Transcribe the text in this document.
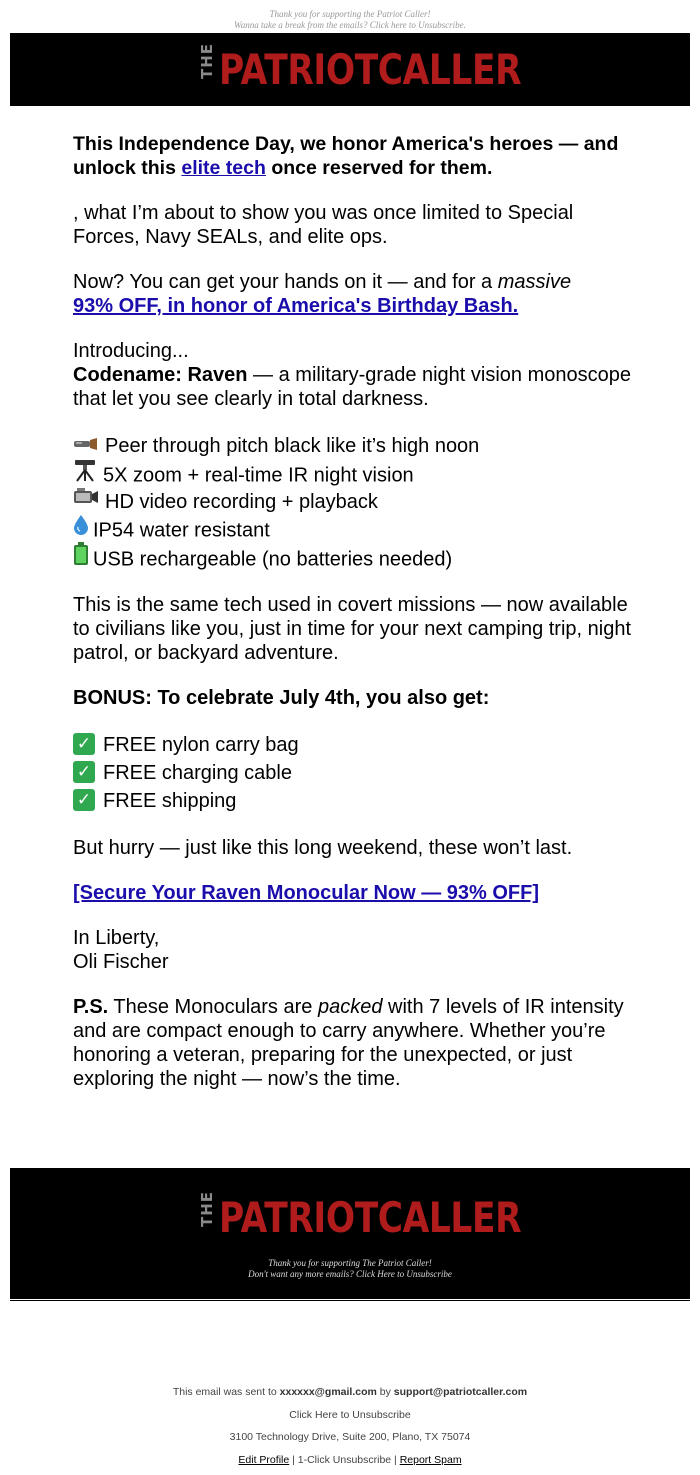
Thank you for supporting the Patriot Caller!
Wanna take a break from the emails? Click here to Unsubscribe.
THEPATRIOTCALLER

This Independence Day, we honor America's heroes — and unlock this elite tech once reserved for them.

, what I’m about to show you was once limited to Special Forces, Navy SEALs, and elite ops.

Now? You can get your hands on it — and for a massive
93% OFF, in honor of America's Birthday Bash.

Introducing...
Codename: Raven — a military-grade night vision monoscope that let you see clearly in total darkness.

Peer through pitch black like it’s high noon
5X zoom + real-time IR night vision
HD video recording + playback
IP54 water resistant
USB rechargeable (no batteries needed)

This is the same tech used in covert missions — now available to civilians like you, just in time for your next camping trip, night patrol, or backyard adventure.

BONUS: To celebrate July 4th, you also get:

✓ FREE nylon carry bag
✓ FREE charging cable
✓ FREE shipping

But hurry — just like this long weekend, these won’t last.

[Secure Your Raven Monocular Now — 93% OFF]

In Liberty,
Oli Fischer

P.S. These Monoculars are packed with 7 levels of IR intensity and are compact enough to carry anywhere. Whether you’re honoring a veteran, preparing for the unexpected, or just exploring the night — now’s the time.

THEPATRIOTCALLER
Thank you for supporting The Patriot Caller!
Don't want any more emails? Click Here to Unsubscribe
This email was sent to xxxxxx@gmail.com by support@patriotcaller.com
Click Here to Unsubscribe
3100 Technology Drive, Suite 200, Plano, TX 75074
Edit Profile | 1-Click Unsubscribe | Report Spam
